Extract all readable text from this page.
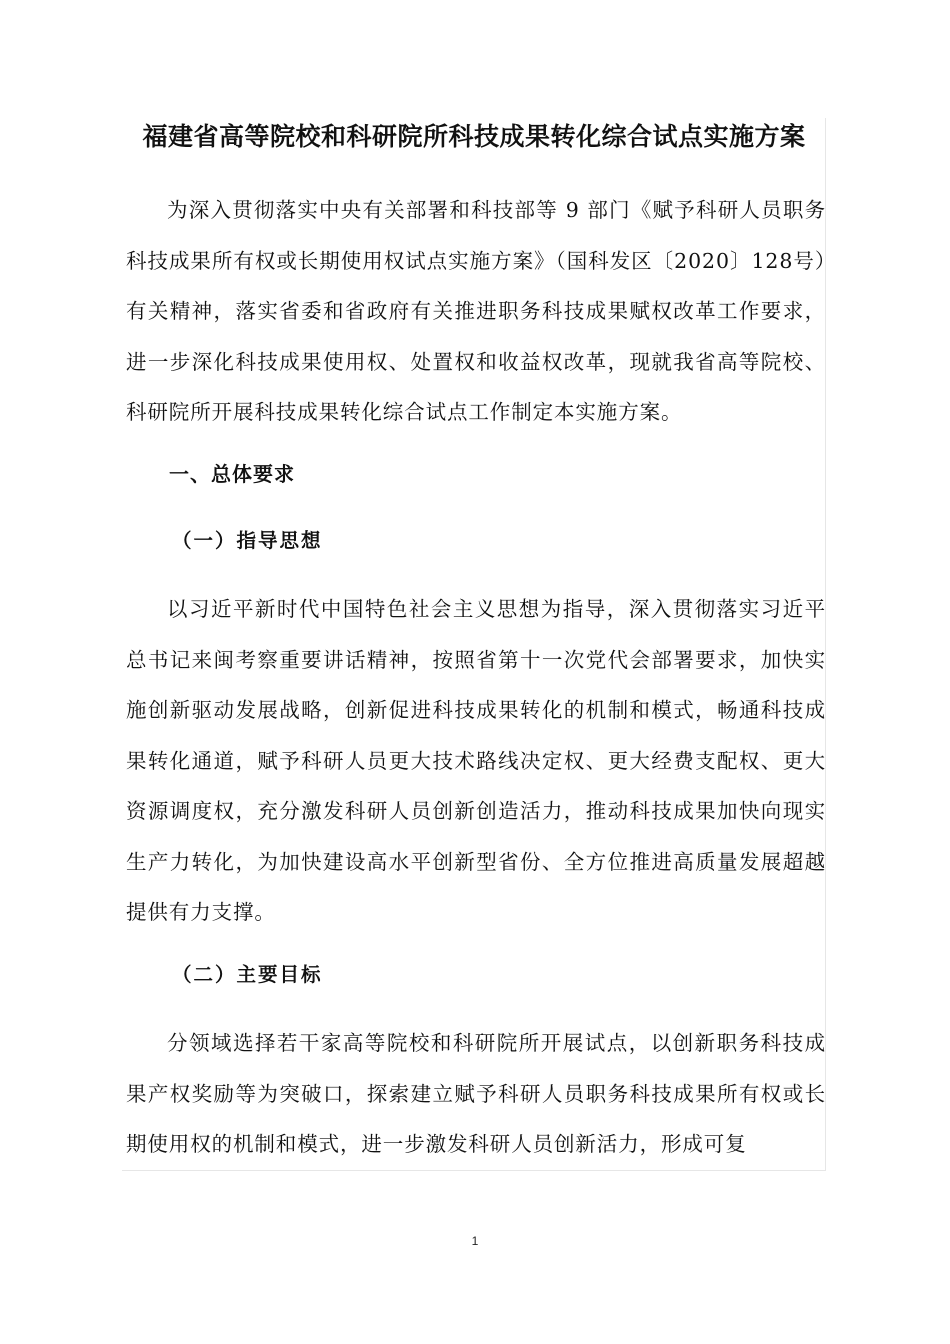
福建省高等院校和科研院所科技成果转化综合试点实施方案

为深入贯彻落实中央有关部署和科技部等 9 部门《赋予科研人员职务科技成果所有权或长期使用权试点实施方案》（国科发区〔2020〕128号）有关精神，落实省委和省政府有关推进职务科技成果赋权改革工作要求，进一步深化科技成果使用权、处置权和收益权改革，现就我省高等院校、科研院所开展科技成果转化综合试点工作制定本实施方案。

一、总体要求
（一）指导思想

以习近平新时代中国特色社会主义思想为指导，深入贯彻落实习近平总书记来闽考察重要讲话精神，按照省第十一次党代会部署要求，加快实施创新驱动发展战略，创新促进科技成果转化的机制和模式，畅通科技成果转化通道，赋予科研人员更大技术路线决定权、更大经费支配权、更大资源调度权，充分激发科研人员创新创造活力，推动科技成果加快向现实生产力转化，为加快建设高水平创新型省份、全方位推进高质量发展超越提供有力支撑。

（二）主要目标

分领域选择若干家高等院校和科研院所开展试点，以创新职务科技成果产权奖励等为突破口，探索建立赋予科研人员职务科技成果所有权或长期使用权的机制和模式，进一步激发科研人员创新活力，形成可复

1
